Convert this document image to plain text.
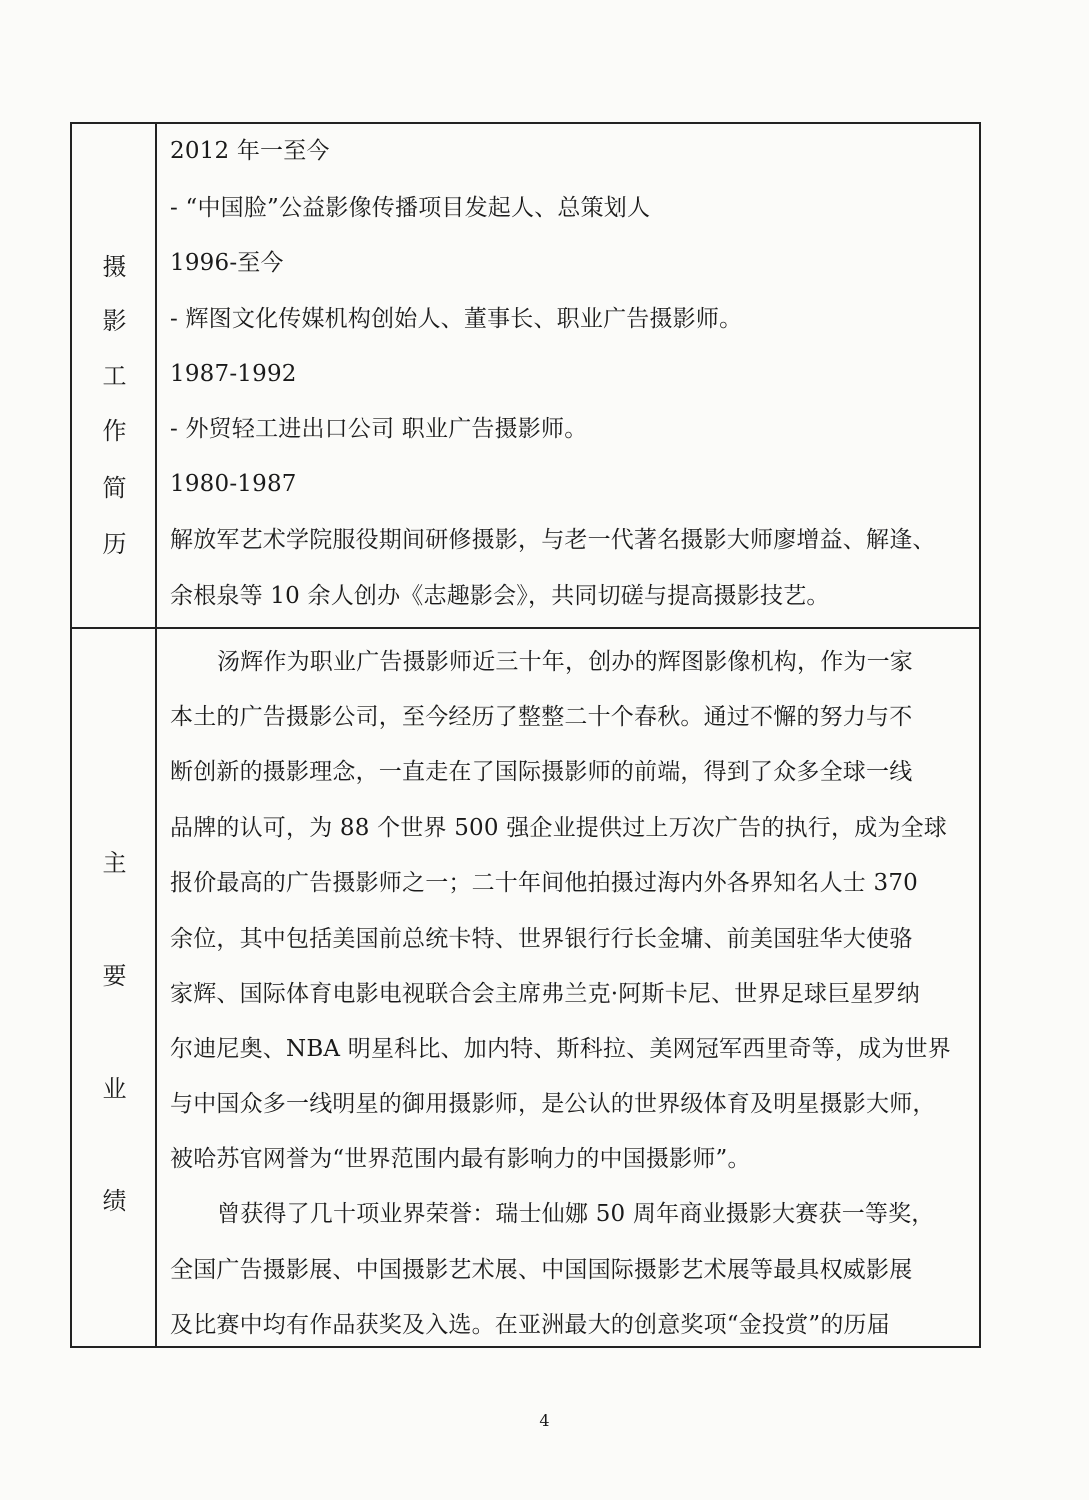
摄
影
工
作
简
历
2012 年一至今
- “中国脸”公益影像传播项目发起人、总策划人
1996-至今
- 辉图文化传媒机构创始人、董事长、职业广告摄影师。
1987-1992
- 外贸轻工进出口公司 职业广告摄影师。
1980-1987
解放军艺术学院服役期间研修摄影，与老一代著名摄影大师廖增益、解逢、
余根泉等 10 余人创办《志趣影会》，共同切磋与提高摄影技艺。
主
要
业
绩
汤辉作为职业广告摄影师近三十年，创办的辉图影像机构，作为一家
本土的广告摄影公司，至今经历了整整二十个春秋。通过不懈的努力与不
断创新的摄影理念，一直走在了国际摄影师的前端，得到了众多全球一线
品牌的认可，为 88 个世界 500 强企业提供过上万次广告的执行，成为全球
报价最高的广告摄影师之一；二十年间他拍摄过海内外各界知名人士 370
余位，其中包括美国前总统卡特、世界银行行长金墉、前美国驻华大使骆
家辉、国际体育电影电视联合会主席弗兰克·阿斯卡尼、世界足球巨星罗纳
尔迪尼奥、NBA 明星科比、加内特、斯科拉、美网冠军西里奇等，成为世界
与中国众多一线明星的御用摄影师，是公认的世界级体育及明星摄影大师，
被哈苏官网誉为“世界范围内最有影响力的中国摄影师”。
曾获得了几十项业界荣誉：瑞士仙娜 50 周年商业摄影大赛获一等奖，
全国广告摄影展、中国摄影艺术展、中国国际摄影艺术展等最具权威影展
及比赛中均有作品获奖及入选。在亚洲最大的创意奖项“金投赏”的历届
4
